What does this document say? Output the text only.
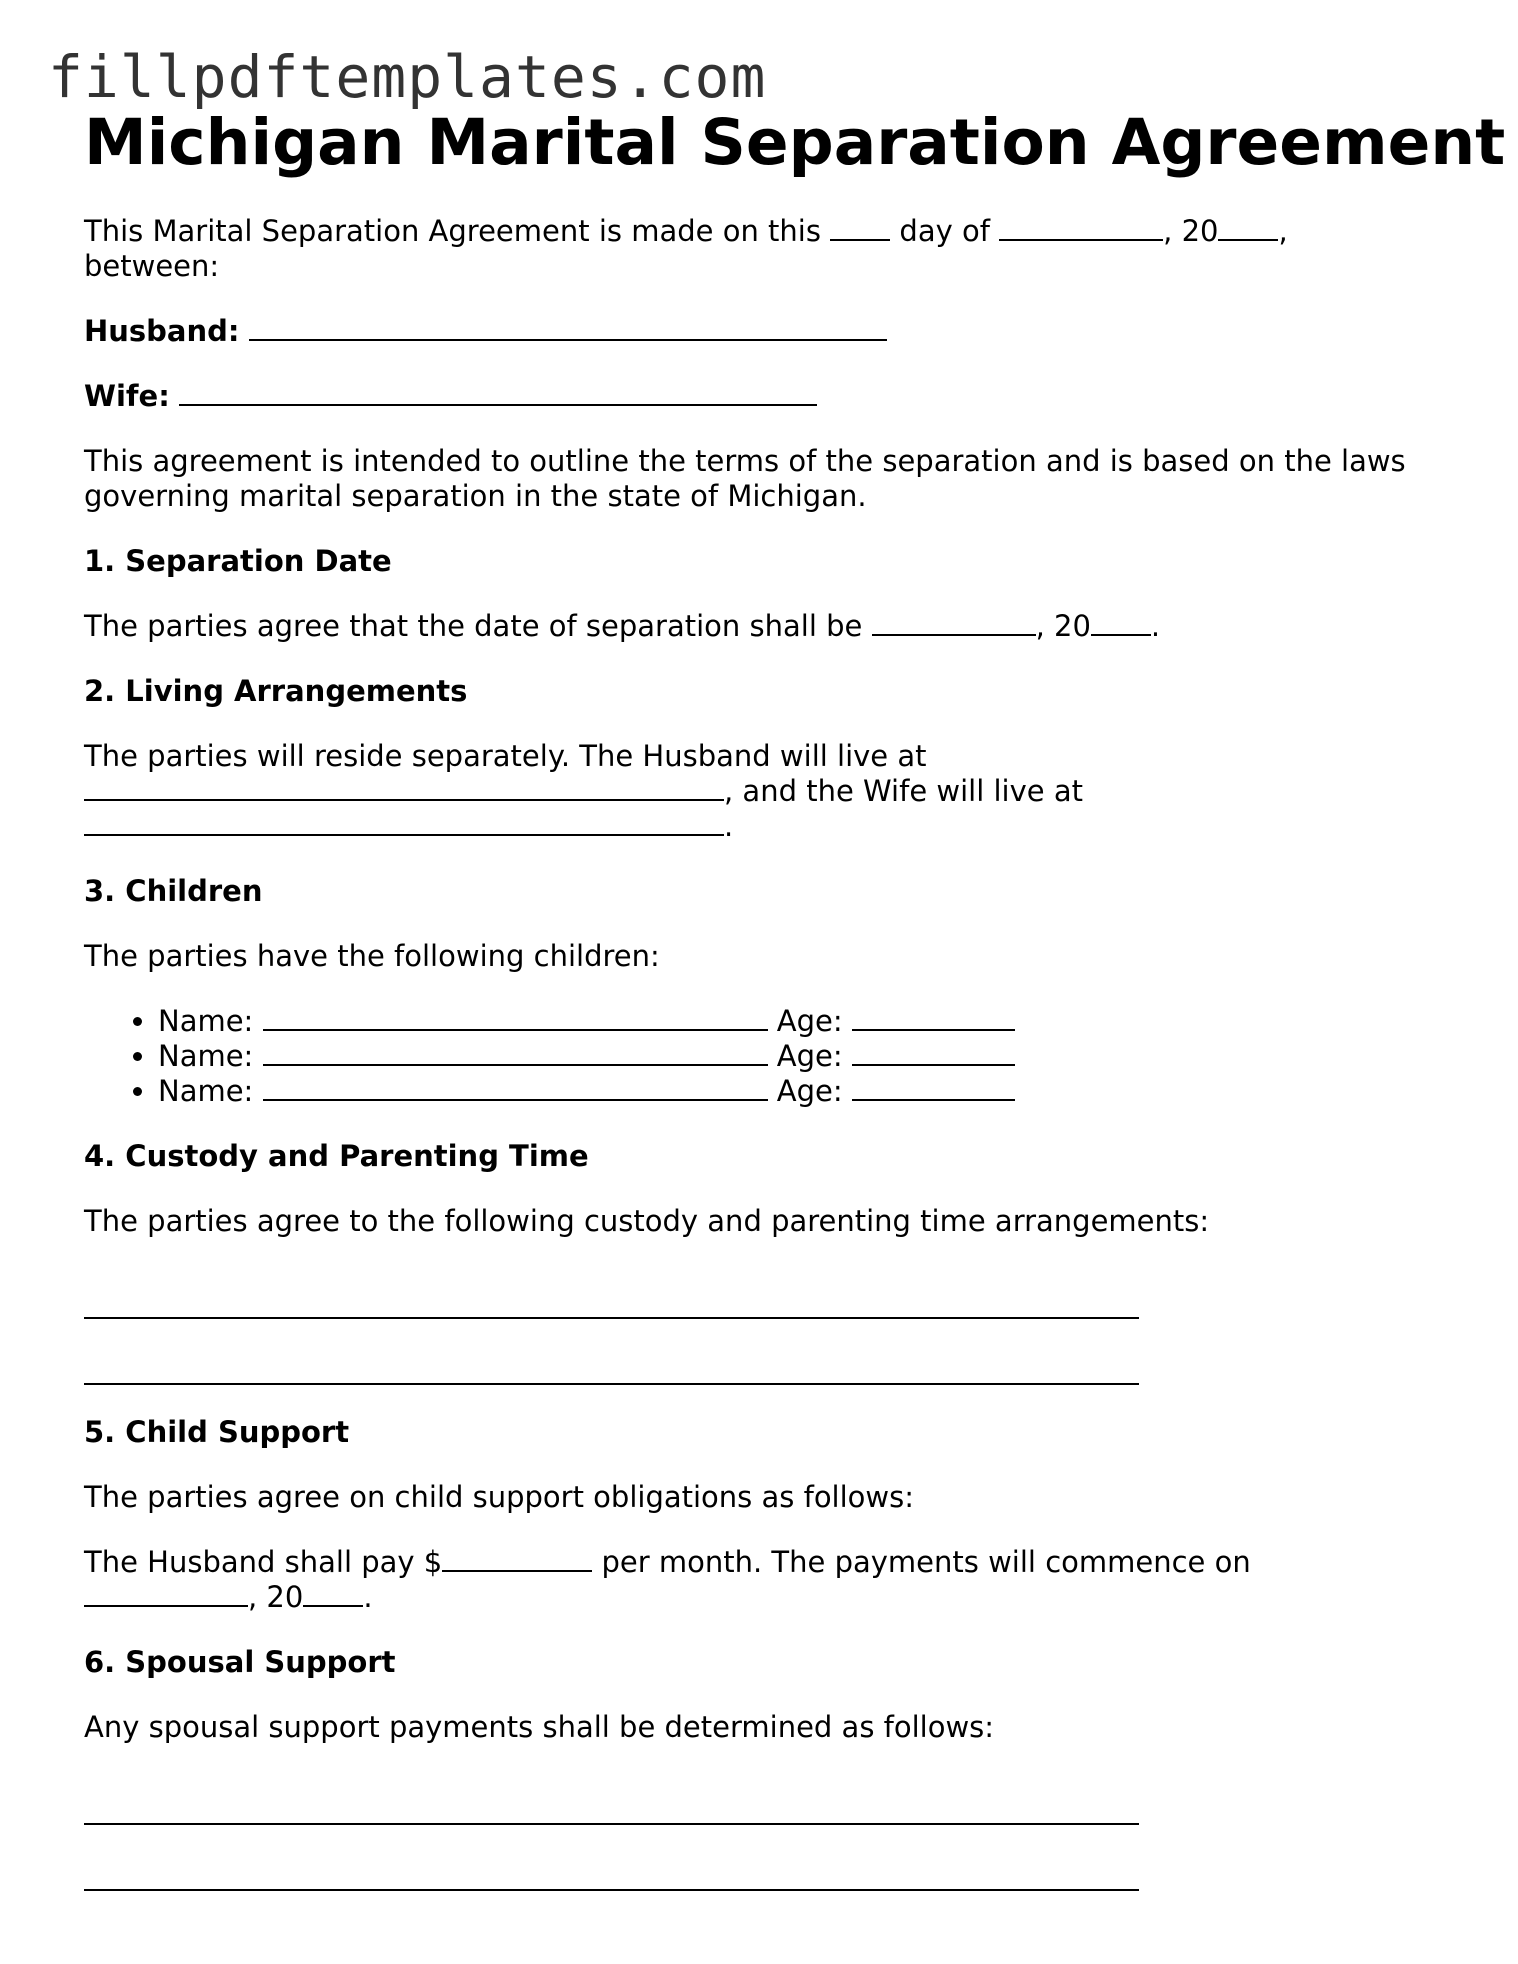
fillpdftemplates.com
Michigan Marital Separation Agreement

This Marital Separation Agreement is made on this	day of	, 20 ,
between:

Husband:

Wife:

This agreement is intended to outline the terms of the separation and is based on the laws governing marital separation in the state of Michigan.

1. Separation Date

The parties agree that the date of separation shall be	, 20 .

2. Living Arrangements

The parties will reside separately. The Husband will live at
, and the Wife will live at
.

3. Children

The parties have the following children:

• Name:	Age:
• Name:	Age:
• Name:	Age:
4. Custody and Parenting Time

The parties agree to the following custody and parenting time arrangements:

5. Child Support

The parties agree on child support obligations as follows:

The Husband shall pay $	per month. The payments will commence on
, 20 .

6. Spousal Support

Any spousal support payments shall be determined as follows:
